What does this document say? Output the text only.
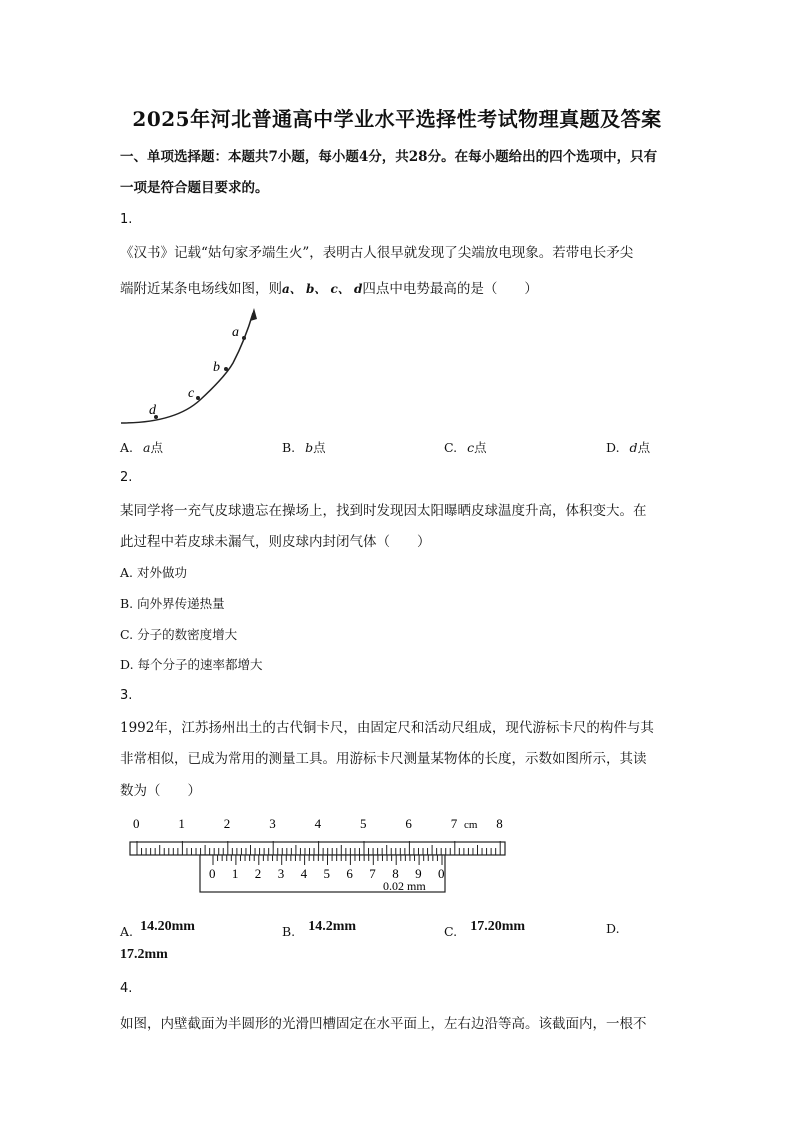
2025年河北普通高中学业水平选择性考试物理真题及答案
一、单项选择题：本题共7小题，每小题4分，共28分。在每小题给出的四个选项中，只有
一项是符合题目要求的。
1.
《汉书》记载“姑句家矛端生火”，表明古人很早就发现了尖端放电现象。若带电长矛尖
端附近某条电场线如图，则a、 b、 c、 d四点中电势最高的是（　　）
a
b
c
d
A. a点	B. b点	C. c点	D. d点
2.
某同学将一充气皮球遗忘在操场上，找到时发现因太阳曝晒皮球温度升高，体积变大。在
此过程中若皮球未漏气，则皮球内封闭气体（　　）
A. 对外做功
B. 向外界传递热量
C. 分子的数密度增大
D. 每个分子的速率都增大
3.
1992年，江苏扬州出土的古代铜卡尺，由固定尺和活动尺组成，现代游标卡尺的构件与其
非常相似，已成为常用的测量工具。用游标卡尺测量某物体的长度，示数如图所示，其读
数为（　　）
0	1	2	3	4	5	6	7	8
0 1 2 3 4 5 6 7 8 9 0
cm
0.02 mm
$_{A.}$ 14.20mm	$_{B.}$ 14.2mm	$_{C.}$ 17.20mm	D.
17.2mm
4.
如图，内壁截面为半圆形的光滑凹槽固定在水平面上，左右边沿等高。该截面内，一根不
